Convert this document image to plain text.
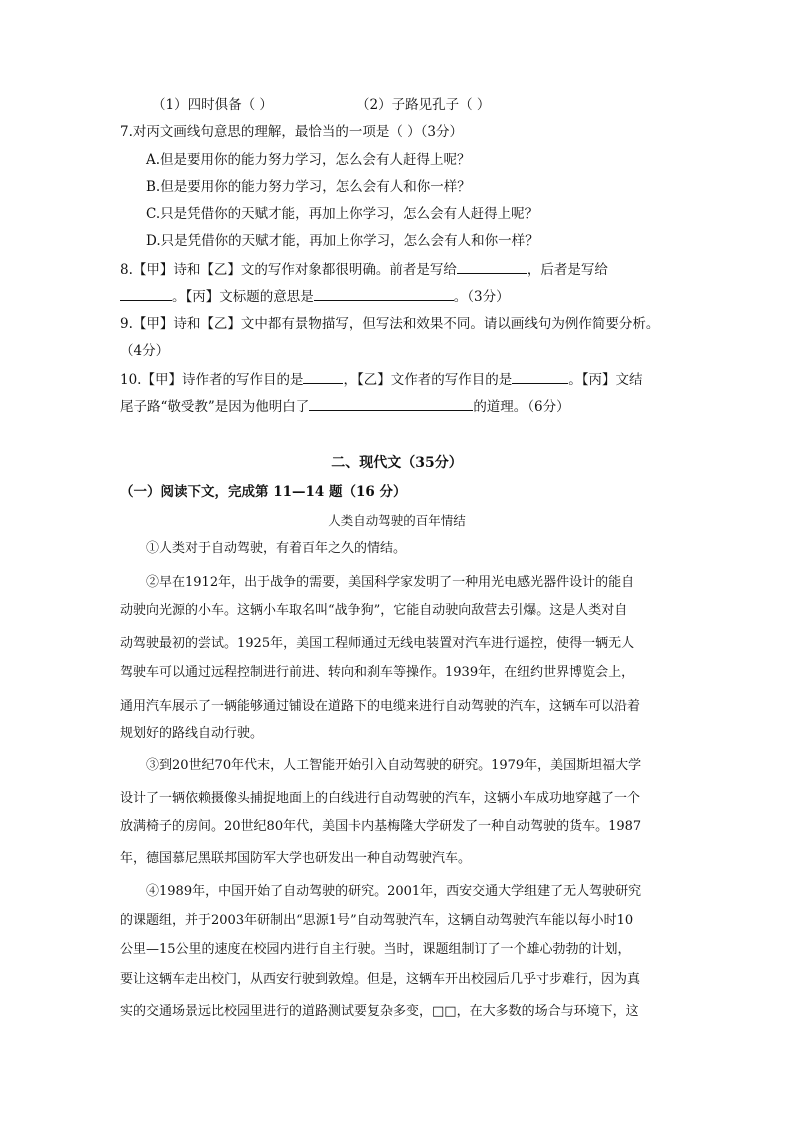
（1）四时俱备（ ）	（2）子路见孔子（ ）
7.对丙文画线句意思的理解，最恰当的一项是（ ）（3分）
A.但是要用你的能力努力学习，怎么会有人赶得上呢？
B.但是要用你的能力努力学习，怎么会有人和你一样？
C.只是凭借你的天赋才能，再加上你学习，怎么会有人赶得上呢？
D.只是凭借你的天赋才能，再加上你学习，怎么会有人和你一样？
8.【甲】诗和【乙】文的写作对象都很明确。前者是写给	，后者是写给
。【丙】文标题的意思是	。（3分）
9.【甲】诗和【乙】文中都有景物描写，但写法和效果不同。请以画线句为例作简要分析。
（4分）
10.【甲】诗作者的写作目的是	，【乙】文作者的写作目的是	。【丙】文结
尾子路“敬受教”是因为他明白了	的道理。（6分）
二、现代文（35分）
（一）阅读下文，完成第 11—14 题（16 分）
人类自动驾驶的百年情结
①人类对于自动驾驶，有着百年之久的情结。
②早在1912年，出于战争的需要，美国科学家发明了一种用光电感光器件设计的能自
动驶向光源的小车。这辆小车取名叫“战争狗”，它能自动驶向敌营去引爆。这是人类对自
动驾驶最初的尝试。1925年，美国工程师通过无线电装置对汽车进行遥控，使得一辆无人
驾驶车可以通过远程控制进行前进、转向和刹车等操作。1939年，在纽约世界博览会上，
通用汽车展示了一辆能够通过铺设在道路下的电缆来进行自动驾驶的汽车，这辆车可以沿着
规划好的路线自动行驶。
③到20世纪70年代末，人工智能开始引入自动驾驶的研究。1979年，美国斯坦福大学
设计了一辆依赖摄像头捕捉地面上的白线进行自动驾驶的汽车，这辆小车成功地穿越了一个
放满椅子的房间。20世纪80年代，美国卡内基梅隆大学研发了一种自动驾驶的货车。1987
年，德国慕尼黑联邦国防军大学也研发出一种自动驾驶汽车。
④1989年，中国开始了自动驾驶的研究。2001年，西安交通大学组建了无人驾驶研究
的课题组，并于2003年研制出“思源1号”自动驾驶汽车，这辆自动驾驶汽车能以每小时10
公里—15公里的速度在校园内进行自主行驶。当时，课题组制订了一个雄心勃勃的计划，
要让这辆车走出校门，从西安行驶到敦煌。但是，这辆车开出校园后几乎寸步难行，因为真
实的交通场景远比校园里进行的道路测试要复杂多变，□□，在大多数的场合与环境下，这
